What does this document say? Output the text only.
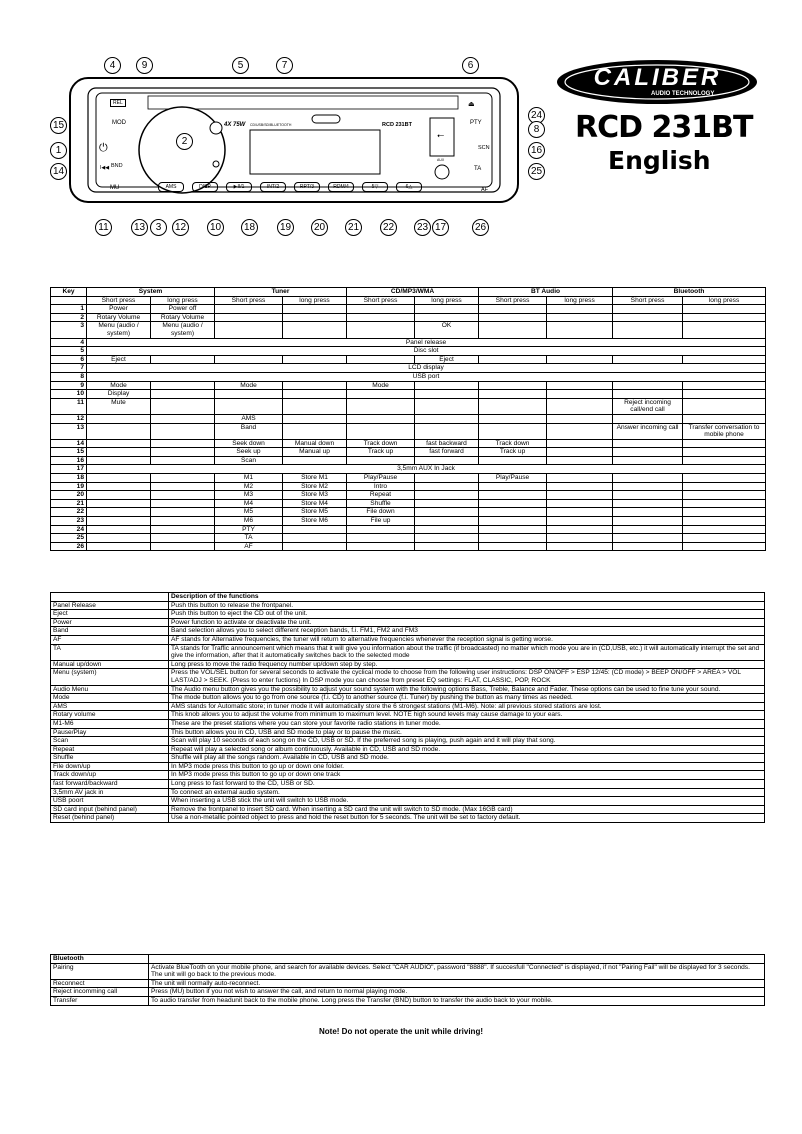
4X 75W CD/USB/SD/BLUETOOTH	RCD 231BT
REL
MOD
⏻
BND
I◀◀
MU
PTY
⏏
SCN
TA
AF
AUX
⭠
AMS	DISP	▶II/1	INT/2	RPT/3	RDM/4	5▽	6△
4	9	5	7	6
15
24
8
1
2
16
14	25
11	13	3	12 10 18 19 20 21 22 23 17	26
CALIBER
AUDIO TECHNOLOGY
RCD 231BT
English
Key	System		Tuner		CD/MP3/WMA		BT Audio		Bluetooth	
	Short press	long press	Short press	long press	Short press	long press	Short press	long press	Short press	long press
1	Power	Power off								
2	Rotary Volume	Rotary Volume								
3	Menu (audio / system)	Menu (audio / system)				OK				
4	Panel release									
5	Disc slot									
6	Eject					Eject				
7	LCD display									
8	USB port									
9	Mode		Mode		Mode					
10	Display									
11	Mute								Reject incoming call/end call	
12			AMS							
13			Band						Answer incoming call	Transfer conversation to mobile phone
14			Seek down	Manual down	Track down	fast backward	Track down			
15			Seek up	Manual up	Track up	fast forward	Track up			
16			Scan							
17	3,5mm AUX In Jack									
18			M1	Store M1	Play/Pause		Play/Pause			
19			M2	Store M2	Intro					
20			M3	Store M3	Repeat					
21			M4	Store M4	Shuffle					
22			M5	Store M5	File down					
23			M6	Store M6	File up					
24			PTY							
25			TA							
26			AF							
	Description of the functions
Panel Release	Push this button to release the frontpanel.
Eject	Push this button to eject the CD out of the unit.
Power	Power function to activate or deactivate the unit.
Band	Band selection allows you to select different reception bands, f.i. FM1, FM2 and FM3
AF	AF stands for Alternative frequencies, the tuner will return to alternative frequencies whenever the reception signal is getting worse.
TA	TA stands for Traffic announcement which means that it will give you information about the traffic (if broadcasted) no matter which mode you are in (CD,USB, etc.) it will automatically interrupt the set and give the information, after that it automatically switches back to the selected mode
Manual up/down	Long press to move the radio frequency number up/down step by step.
Menu (system)	Press the VOL/SEL button for several seconds to activate the cyclical mode to choose from the following user instructions: DSP ON/OFF > ESP 12/45: (CD mode) > BEEP ON/OFF > AREA > VOL LAST/ADJ > SEEK. (Press to enter fuctions) In DSP mode you can choose from preset EQ settings: FLAT, CLASSIC, POP, ROCK
Audio Menu	The Audio menu button gives you the possibility to adjust your sound system with the following options Bass, Treble, Balance and Fader. These options can be used to fine tune your sound.
Mode	The mode button allows you to go from one source (f.i. CD) to another source (f.i. Tuner) by pushing the button as many times as needed.
AMS	AMS stands for Automatic store; in tuner mode it will automatically store the 6 strongest stations (M1-M6). Note: all previous stored stations are lost.
Rotary volume	This knob allows you to adjust the volume from minimum to maximum level. NOTE high sound levels may cause damage to your ears.
M1-M6	These are the preset stations where you can store your favorite radio stations in tuner mode.
Pause/Play	This button allows you in CD, USB and SD mode to play or to pause the music.
Scan	Scan will play 10 seconds of each song on the CD, USB or SD. If the preferred song is playing, push again and it will play that song.
Repeat	Repeat will play a selected song or album continuously. Available in CD, USB and SD mode.
Shuffle	Shuffle will play all the songs random. Available in CD, USB and SD mode.
File down/up	In MP3 mode press this button to go up or down one folder.
Track down/up	In MP3 mode press this button to go up or down one track
fast forward/backward	Long press to fast forward to the CD, USB or SD.
3,5mm AV jack in	To connect an external audio system.
USB poort	When inserting a USB stick the unit will switch to USB mode.
SD card input (behind panel)	Remove the frontpanel to insert SD card. When inserting a SD card the unit will switch to SD mode. (Max 16GB card)
Reset (behind panel)	Use a non-metallic pointed object to press and hold the reset button for 5 seconds. The unit will be set to factory default.
Bluetooth	
Pairing	Activate BlueTooth on your mobile phone, and search for available devices. Select "CAR AUDIO", password "8888". If succesfull "Connected" is displayed, if not "Pairing Fail" will be displayed for 3 seconds. The unit will go back to the previous mode.
Reconnect	The unit will normally auto-reconnect.
Reject incomming call	Press (MU) button if you not wish to answer the call, and return to normal playing mode.
Transfer	To audio transfer from headunit back to the mobile phone. Long press the Transfer (BND) button to transfer the audio back to your mobile.
Note! Do not operate the unit while driving!
